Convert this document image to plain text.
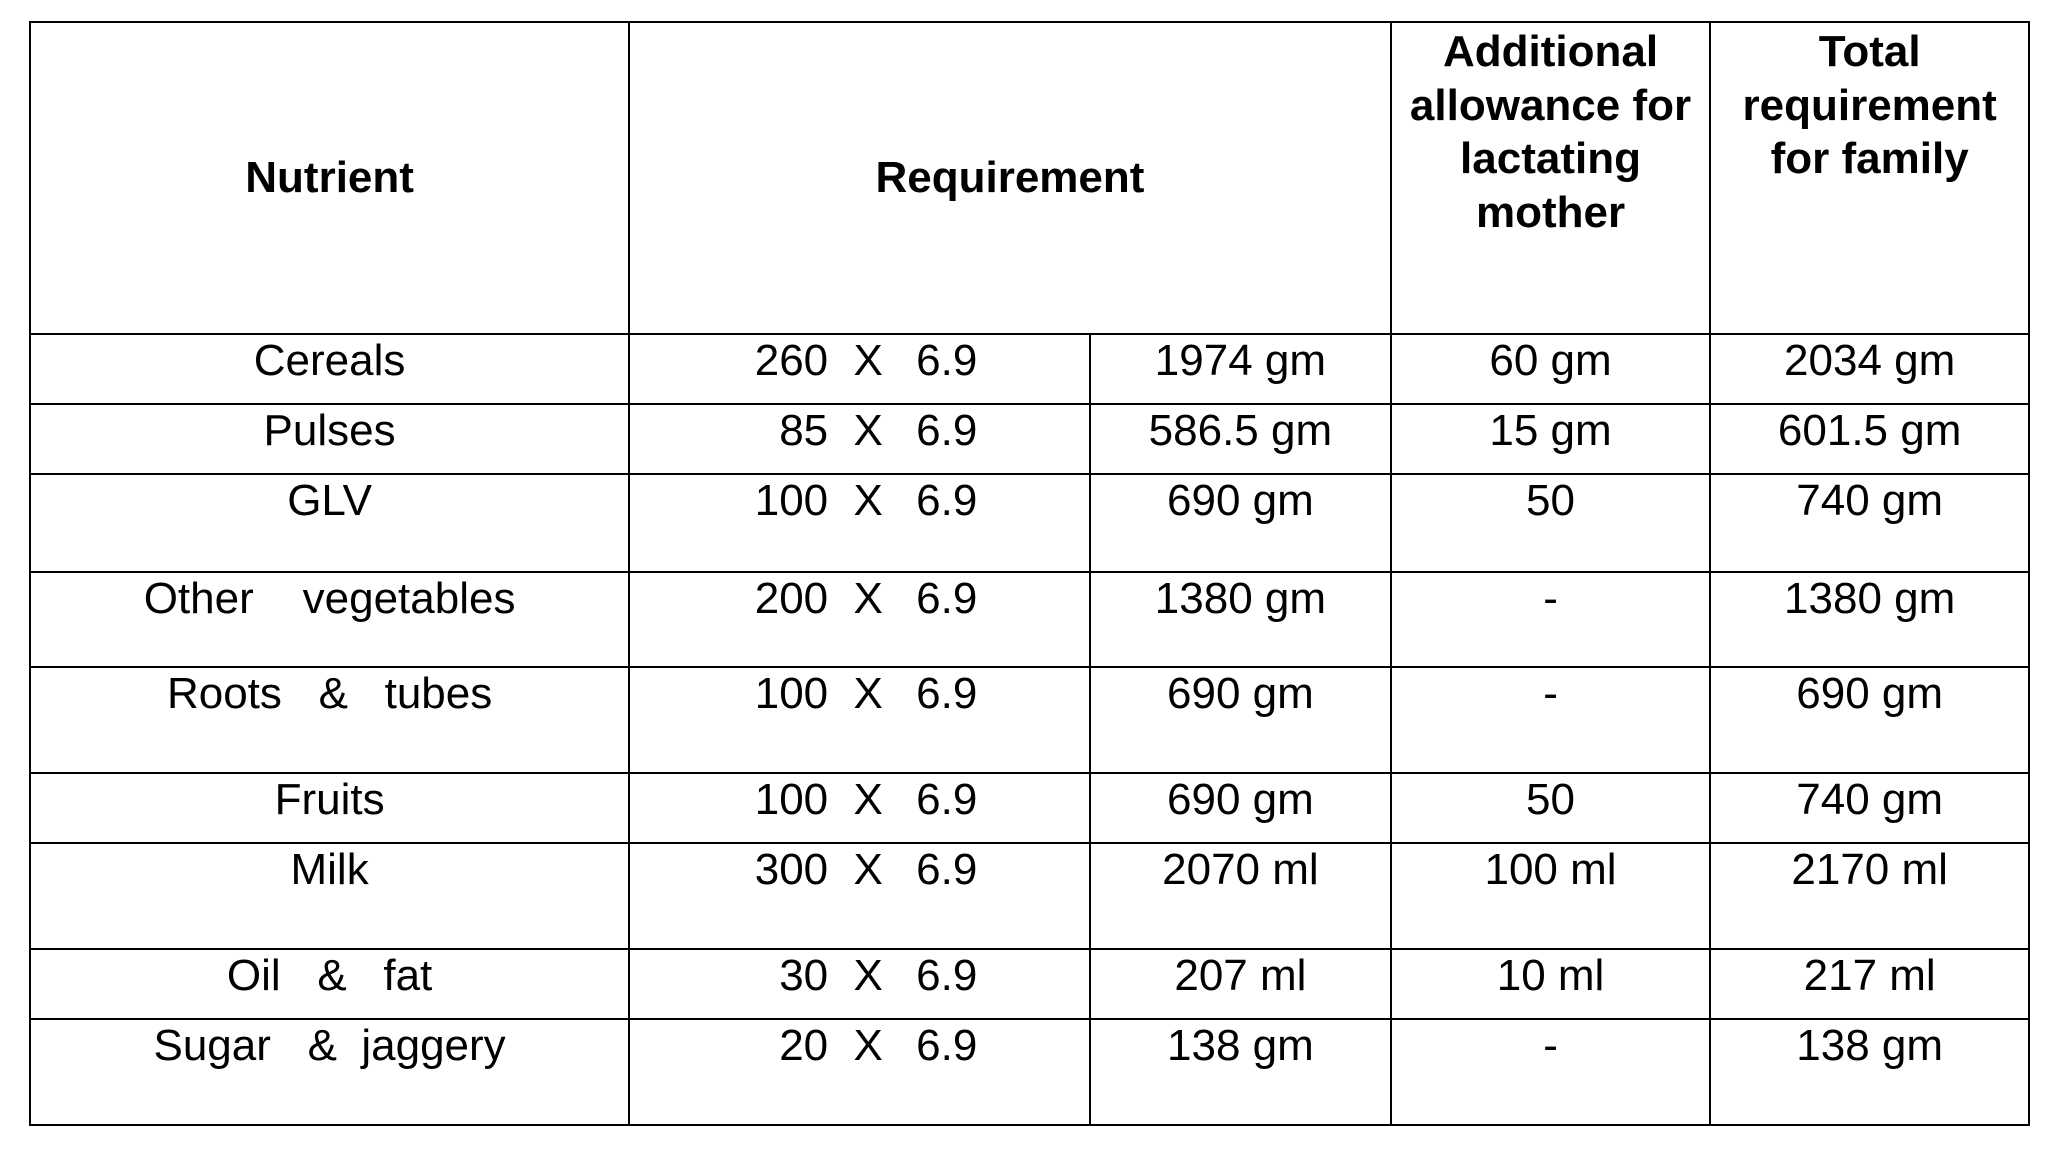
Nutrient	Requirement		Additional allowance for lactating mother	Total requirement for family
Cereals	260 X 6.9	1974 gm	60 gm	2034 gm
Pulses	85 X 6.9	586.5 gm	15 gm	601.5 gm
GLV	100 X 6.9	690 gm	50	740 gm
Other    vegetables	200 X 6.9	1380 gm	-	1380 gm
Roots   &   tubes	100 X 6.9	690 gm	-	690 gm
Fruits	100 X 6.9	690 gm	50	740 gm
Milk	300 X 6.9	2070 ml	100 ml	2170 ml
Oil   &   fat	30 X 6.9	207 ml	10 ml	217 ml
Sugar   &  jaggery	20 X 6.9	138 gm	-	138 gm
